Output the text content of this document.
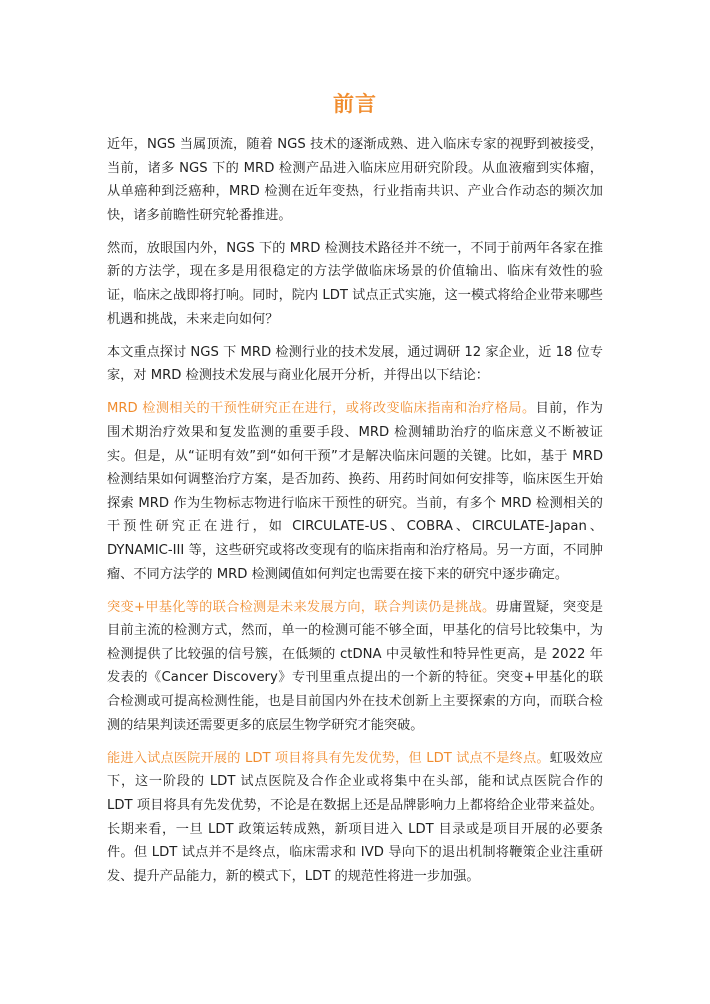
前言

近年，NGS 当属顶流，随着 NGS 技术的逐渐成熟、进入临床专家的视野到被接受，当前，诸多 NGS 下的 MRD 检测产品进入临床应用研究阶段。从血液瘤到实体瘤，从单癌种到泛癌种，MRD 检测在近年变热，行业指南共识、产业合作动态的频次加快，诸多前瞻性研究轮番推进。

然而，放眼国内外，NGS 下的 MRD 检测技术路径并不统一，不同于前两年各家在推新的方法学，现在多是用很稳定的方法学做临床场景的价值输出、临床有效性的验证，临床之战即将打响。同时，院内 LDT 试点正式实施，这一模式将给企业带来哪些机遇和挑战，未来走向如何？

本文重点探讨 NGS 下 MRD 检测行业的技术发展，通过调研 12 家企业，近 18 位专家，对 MRD 检测技术发展与商业化展开分析，并得出以下结论：

MRD 检测相关的干预性研究正在进行，或将改变临床指南和治疗格局。目前，作为围术期治疗效果和复发监测的重要手段、MRD 检测辅助治疗的临床意义不断被证实。但是，从“证明有效”到“如何干预”才是解决临床问题的关键。比如，基于 MRD 检测结果如何调整治疗方案，是否加药、换药、用药时间如何安排等，临床医生开始探索 MRD 作为生物标志物进行临床干预性的研究。当前，有多个 MRD 检测相关的干预性研究正在进行，如 CIRCULATE-US、COBRA、CIRCULATE-Japan、DYNAMIC-III 等，这些研究或将改变现有的临床指南和治疗格局。另一方面，不同肿瘤、不同方法学的 MRD 检测阈值如何判定也需要在接下来的研究中逐步确定。

突变+甲基化等的联合检测是未来发展方向，联合判读仍是挑战。毋庸置疑，突变是目前主流的检测方式，然而，单一的检测可能不够全面，甲基化的信号比较集中，为检测提供了比较强的信号簇，在低频的 ctDNA 中灵敏性和特异性更高，是 2022 年发表的《Cancer Discovery》专刊里重点提出的一个新的特征。突变+甲基化的联合检测或可提高检测性能，也是目前国内外在技术创新上主要探索的方向，而联合检测的结果判读还需要更多的底层生物学研究才能突破。

能进入试点医院开展的 LDT 项目将具有先发优势，但 LDT 试点不是终点。虹吸效应下，这一阶段的 LDT 试点医院及合作企业或将集中在头部，能和试点医院合作的 LDT 项目将具有先发优势，不论是在数据上还是品牌影响力上都将给企业带来益处。长期来看，一旦 LDT 政策运转成熟，新项目进入 LDT 目录或是项目开展的必要条件。但 LDT 试点并不是终点，临床需求和 IVD 导向下的退出机制将鞭策企业注重研发、提升产品能力，新的模式下，LDT 的规范性将进一步加强。
